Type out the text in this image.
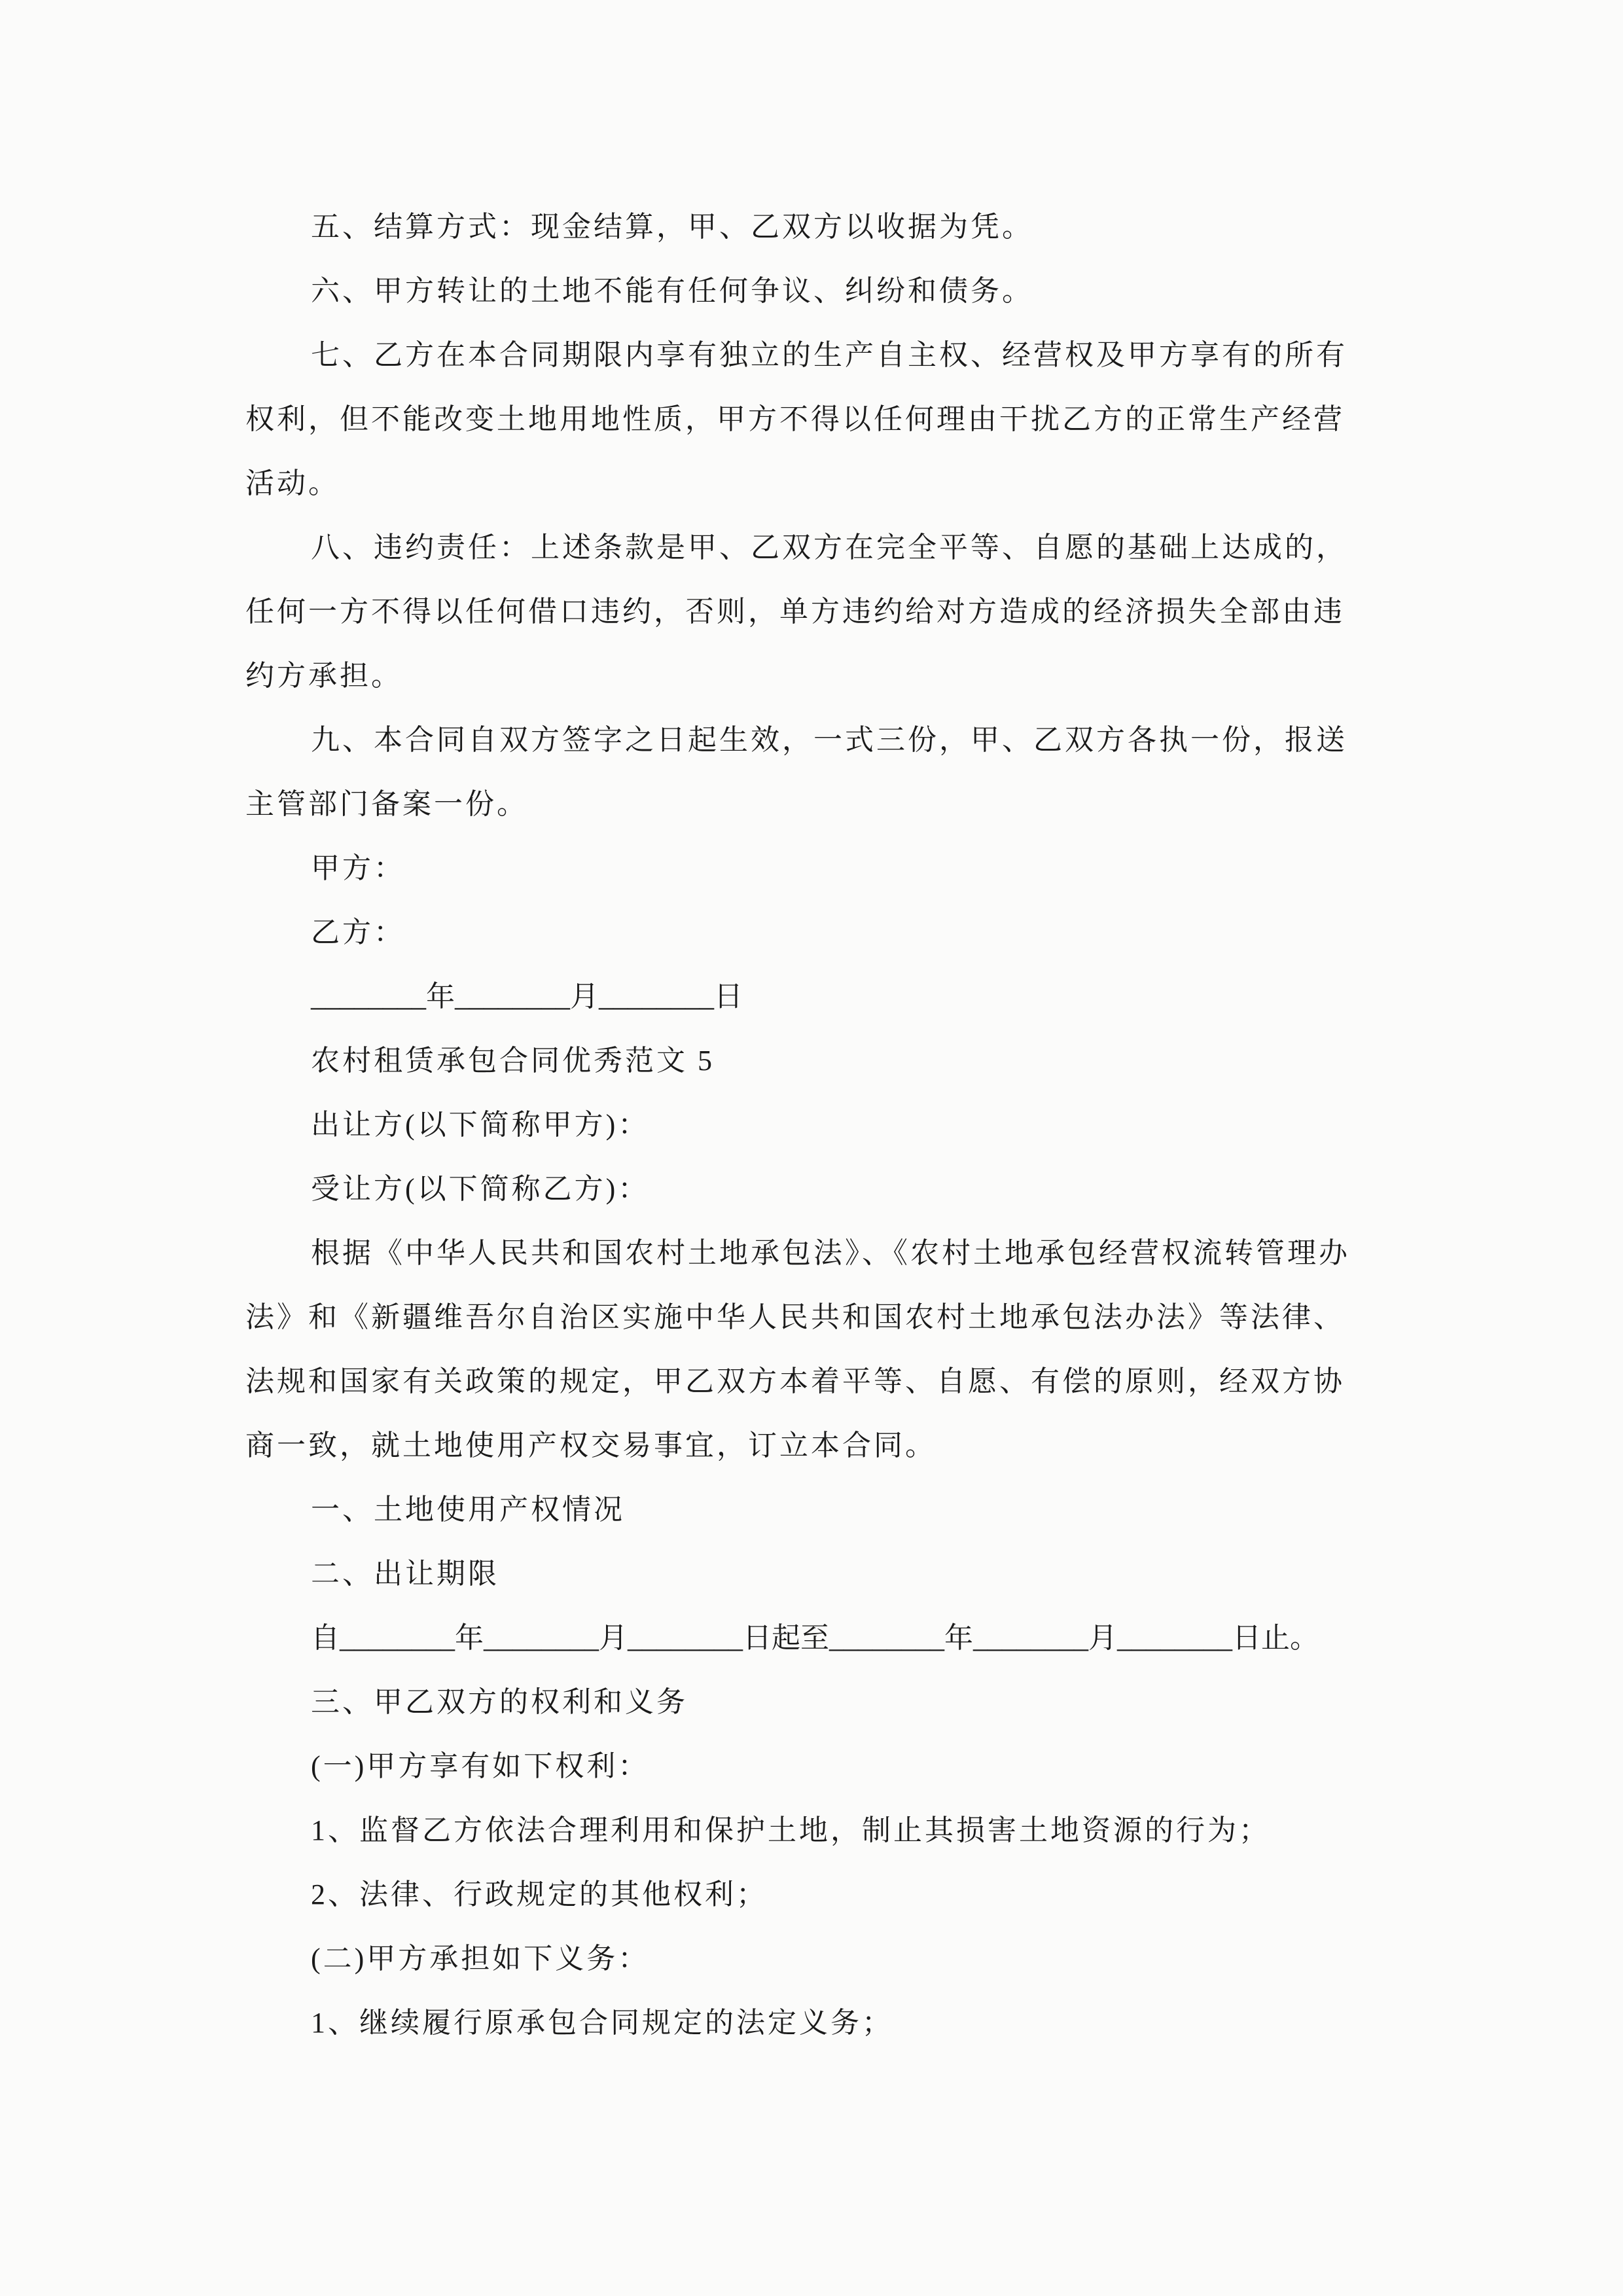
五、结算方式：现金结算，甲、乙双方以收据为凭。
六、甲方转让的土地不能有任何争议、纠纷和债务。
七、乙方在本合同期限内享有独立的生产自主权、经营权及甲方享有的所有
权利，但不能改变土地用地性质，甲方不得以任何理由干扰乙方的正常生产经营
活动。
八、违约责任：上述条款是甲、乙双方在完全平等、自愿的基础上达成的，
任何一方不得以任何借口违约，否则，单方违约给对方造成的经济损失全部由违
约方承担。
九、本合同自双方签字之日起生效，一式三份，甲、乙双方各执一份，报送
主管部门备案一份。
甲方：
乙方：
________年________月________日
农村租赁承包合同优秀范文 5
出让方(以下简称甲方)：
受让方(以下简称乙方)：
根据《中华人民共和国农村土地承包法》、《农村土地承包经营权流转管理办
法》和《新疆维吾尔自治区实施中华人民共和国农村土地承包法办法》等法律、
法规和国家有关政策的规定，甲乙双方本着平等、自愿、有偿的原则，经双方协
商一致，就土地使用产权交易事宜，订立本合同。
一、土地使用产权情况
二、出让期限
自________年________月________日起至________年________月________日止。
三、甲乙双方的权利和义务
(一)甲方享有如下权利：
1、监督乙方依法合理利用和保护土地，制止其损害土地资源的行为；
2、法律、行政规定的其他权利；
(二)甲方承担如下义务：
1、继续履行原承包合同规定的法定义务；
